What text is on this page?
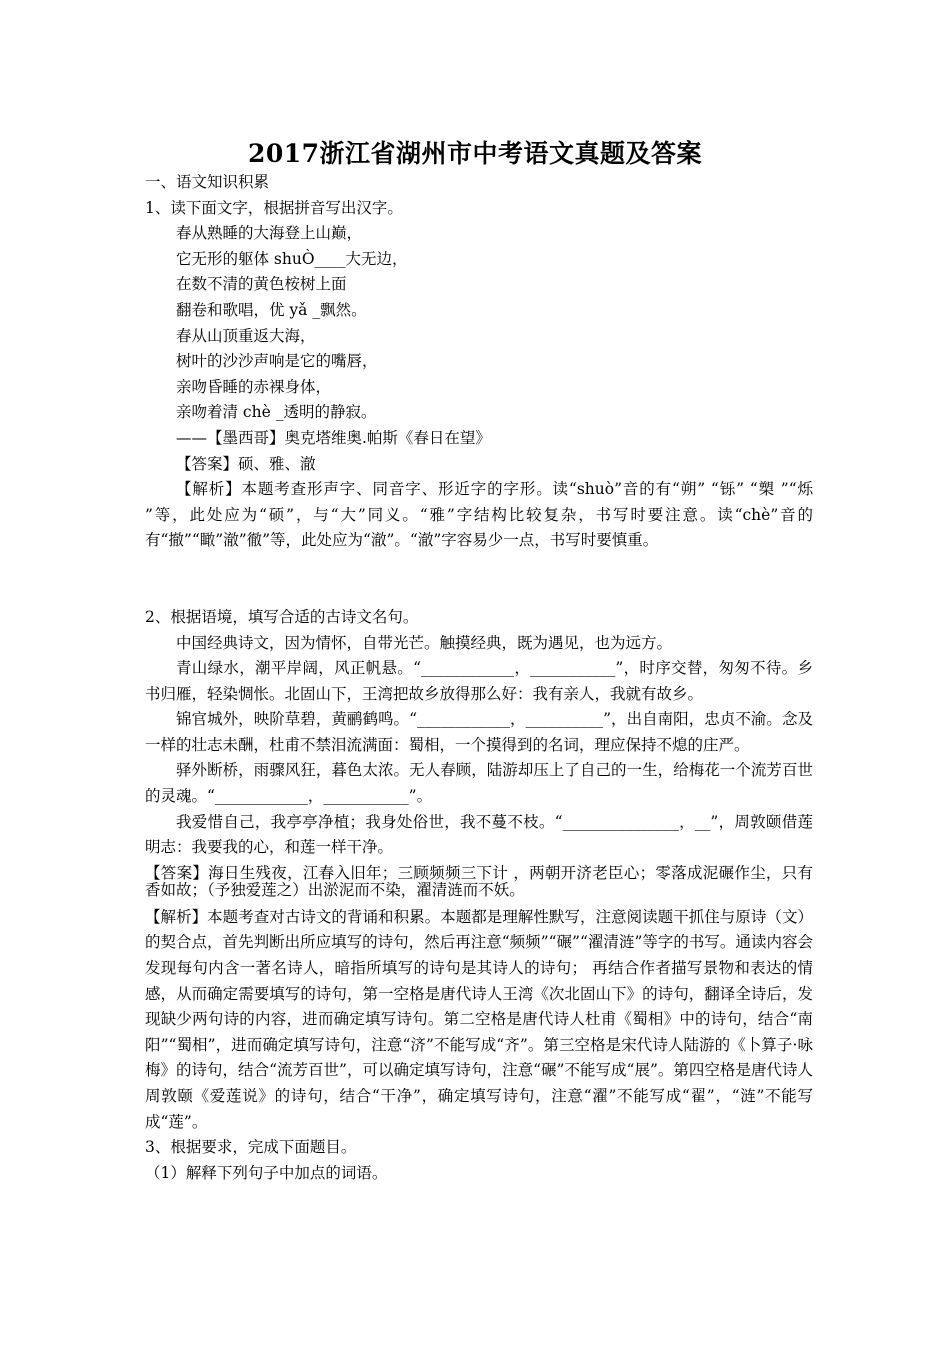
2017浙江省湖州市中考语文真题及答案

一、语文知识积累

1、读下面文字，根据拼音写出汉字。

春从熟睡的大海登上山巅，

它无形的躯体 shuÒ____大无边，

在数不清的黄色桉树上面

翻卷和歌唱，优 yǎ _飘然。

春从山顶重返大海，

树叶的沙沙声响是它的嘴唇，

亲吻昏睡的赤裸身体，

亲吻着清 chè _透明的静寂。

——【墨西哥】奥克塔维奥.帕斯《春日在望》

【答案】硕、雅、澈

【解析】本题考查形声字、同音字、形近字的字形。读“shuò”音的有“朔” “铄” “槊 ”“烁 ”等，此处应为“硕”，与“大”同义。“雅”字结构比较复杂，书写时要注意。读“chè”音的有“撤”“瞰”澈”徹”等，此处应为“澈”。“澈”字容易少一点，书写时要慎重。

2、根据语境，填写合适的古诗文名句。

中国经典诗文，因为情怀，自带光芒。触摸经典，既为遇见，也为远方。

青山绿水，潮平岸阔，风正帆悬。“____________，___________”，时序交替，匆匆不待。乡书归雁，轻染惆怅。北固山下，王湾把故乡放得那么好：我有亲人，我就有故乡。

锦官城外，映阶草碧，黄鹂鹤鸣。“____________，__________”，出自南阳，忠贞不渝。念及一样的壮志未酬，杜甫不禁泪流满面：蜀相，一个摸得到的名词，理应保持不熄的庄严。

驿外断桥，雨骤风狂，暮色太浓。无人春顾，陆游却压上了自己的一生，给梅花一个流芳百世的灵魂。“____________，___________”。

我爱惜自己，我亭亭净植；我身处俗世，我不蔓不枝。“_______________，__”，周敦颐借莲明志：我要我的心，和莲一样干净。

【答案】海日生残夜，江春入旧年；三顾频频三下计 ，两朝开济老臣心；零落成泥碾作尘，只有香如故；（予独爱莲之）出淤泥而不染，濯清涟而不妖。

【解析】本题考查对古诗文的背诵和积累。本题都是理解性默写，注意阅读题干抓住与原诗（文）的契合点，首先判断出所应填写的诗句，然后再注意“频频”“碾”“濯清涟”等字的书写。通读内容会发现每句内含一著名诗人，暗指所填写的诗句是其诗人的诗句； 再结合作者描写景物和表达的情感，从而确定需要填写的诗句，第一空格是唐代诗人王湾《次北固山下》的诗句，翻译全诗后，发现缺少两句诗的内容，进而确定填写诗句。第二空格是唐代诗人杜甫《蜀相》中的诗句，结合“南阳”“蜀相”，进而确定填写诗句，注意“济”不能写成“齐”。第三空格是宋代诗人陆游的《卜算子·咏梅》的诗句，结合“流芳百世”，可以确定填写诗句，注意“碾”不能写成“展”。第四空格是唐代诗人周敦颐《爱莲说》的诗句，结合“干净”，确定填写诗句，注意“濯”不能写成“翟”，“涟”不能写成“莲”。

3、根据要求，完成下面题目。

（1）解释下列句子中加点的词语。
